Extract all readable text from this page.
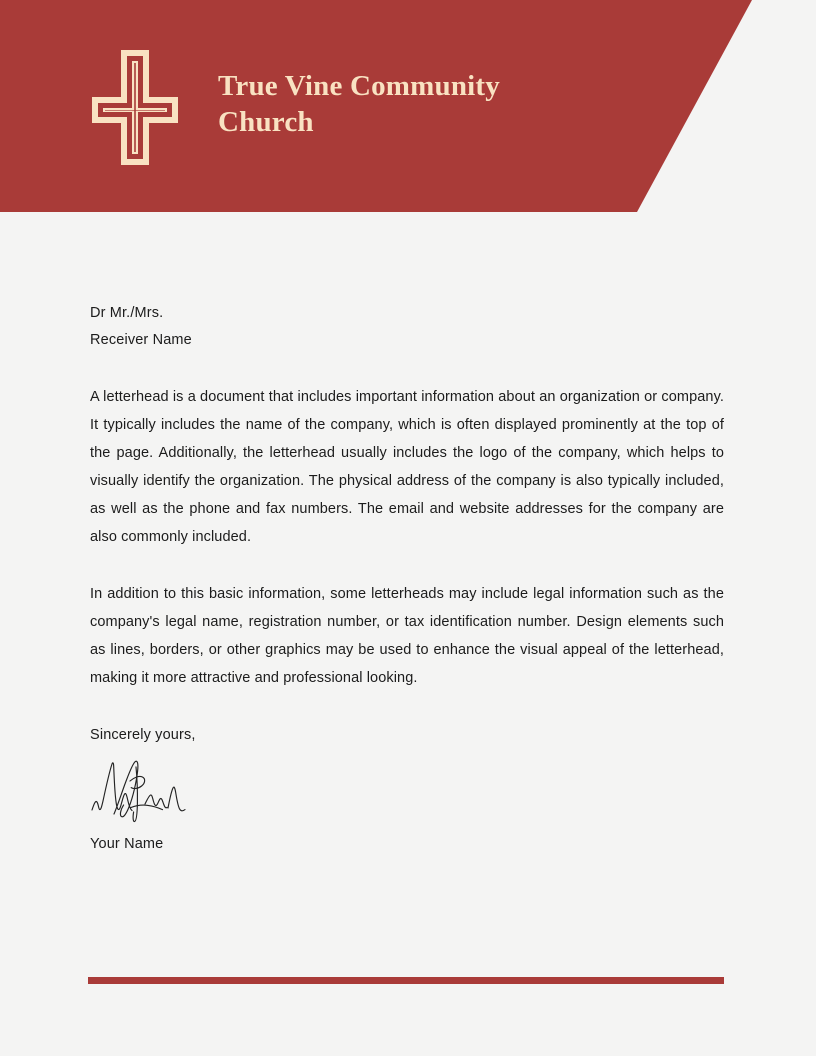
True Vine Community Church
Dr Mr./Mrs.
Receiver Name

A letterhead is a document that includes important information about an organization or company. It typically includes the name of the company, which is often displayed prominently at the top of the page. Additionally, the letterhead usually includes the logo of the company, which helps to visually identify the organization. The physical address of the company is also typically included, as well as the phone and fax numbers. The email and website addresses for the company are also commonly included.

In addition to this basic information, some letterheads may include legal information such as the company's legal name, registration number, or tax identification number. Design elements such as lines, borders, or other graphics may be used to enhance the visual appeal of the letterhead, making it more attractive and professional looking.

Sincerely yours,
Your Name
